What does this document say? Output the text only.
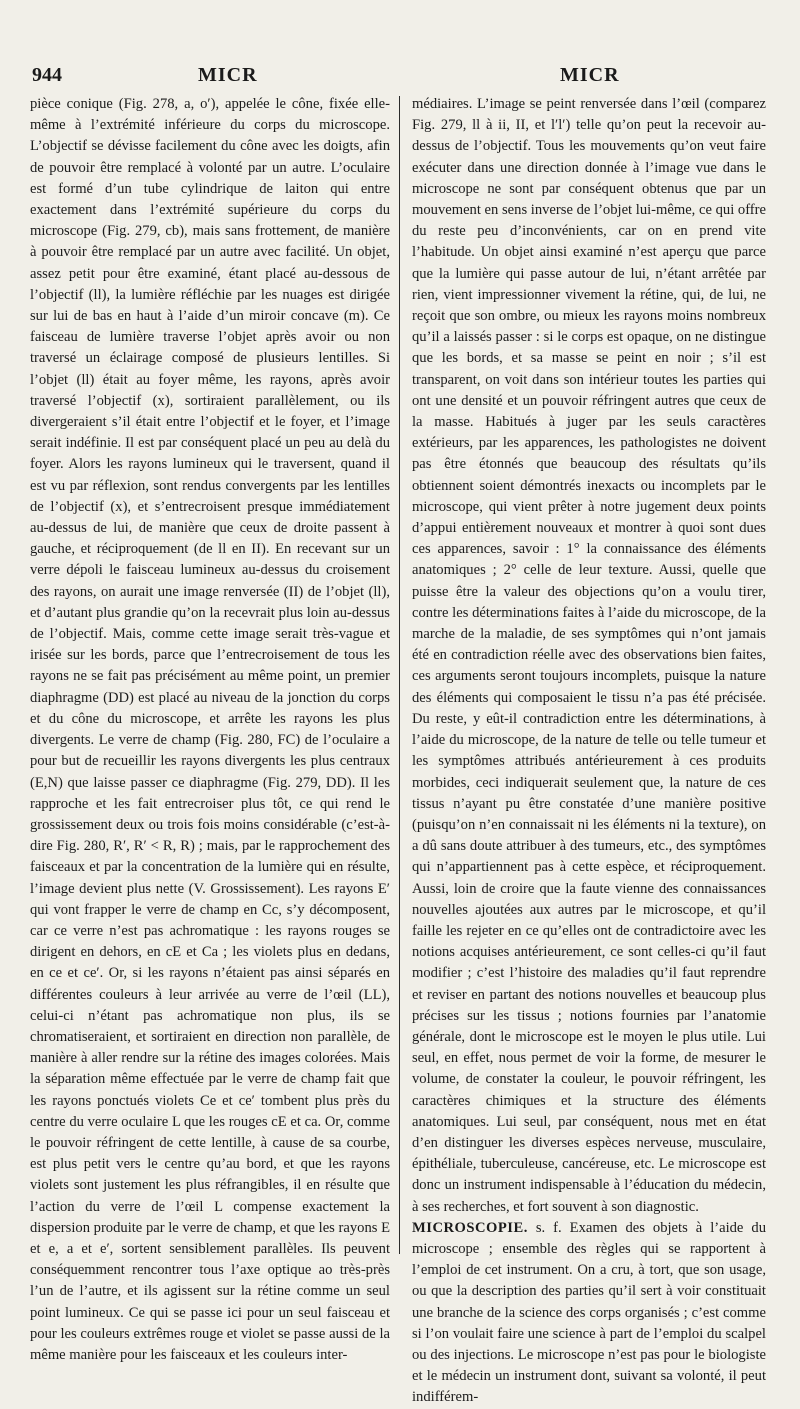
944	MICR	MICR

pièce conique (Fig. 278, a, o′), appelée le cône, fixée elle-même à l’extrémité inférieure du corps du microscope. L’objectif se dévisse facilement du cône avec les doigts, afin de pouvoir être remplacé à volonté par un autre. L’oculaire est formé d’un tube cylindrique de laiton qui entre exactement dans l’extrémité supérieure du corps du microscope (Fig. 279, cb), mais sans frottement, de manière à pouvoir être remplacé par un autre avec facilité. Un objet, assez petit pour être examiné, étant placé au-dessous de l’objectif (ll), la lumière réfléchie par les nuages est dirigée sur lui de bas en haut à l’aide d’un miroir concave (m). Ce faisceau de lumière traverse l’objet après avoir ou non traversé un éclairage composé de plusieurs lentilles. Si l’objet (ll) était au foyer même, les rayons, après avoir traversé l’objectif (x), sortiraient parallèlement, ou ils divergeraient s’il était entre l’objectif et le foyer, et l’image serait indéfinie. Il est par conséquent placé un peu au delà du foyer. Alors les rayons lumineux qui le traversent, quand il est vu par réflexion, sont rendus convergents par les lentilles de l’objectif (x), et s’entrecroisent presque immédiatement au-dessus de lui, de manière que ceux de droite passent à gauche, et réciproquement (de ll en II). En recevant sur un verre dépoli le faisceau lumineux au-dessus du croisement des rayons, on aurait une image renversée (II) de l’objet (ll), et d’autant plus grandie qu’on la recevrait plus loin au-dessus de l’objectif. Mais, comme cette image serait très-vague et irisée sur les bords, parce que l’entrecroisement de tous les rayons ne se fait pas précisément au même point, un premier diaphragme (DD) est placé au niveau de la jonction du corps et du cône du microscope, et arrête les rayons les plus divergents. Le verre de champ (Fig. 280, FC) de l’oculaire a pour but de recueillir les rayons divergents les plus centraux (E,N) que laisse passer ce diaphragme (Fig. 279, DD). Il les rapproche et les fait entrecroiser plus tôt, ce qui rend le grossissement deux ou trois fois moins considérable (c’est-à-dire Fig. 280, R′, R′ < R, R) ; mais, par le rapprochement des faisceaux et par la concentration de la lumière qui en résulte, l’image devient plus nette (V. Grossissement). Les rayons E′ qui vont frapper le verre de champ en Cc, s’y décomposent, car ce verre n’est pas achromatique : les rayons rouges se dirigent en dehors, en cE et Ca ; les violets plus en dedans, en ce et ce′. Or, si les rayons n’étaient pas ainsi séparés en différentes couleurs à leur arrivée au verre de l’œil (LL), celui-ci n’étant pas achromatique non plus, ils se chromatiseraient, et sortiraient en direction non parallèle, de manière à aller rendre sur la rétine des images colorées. Mais la séparation même effectuée par le verre de champ fait que les rayons ponctués violets Ce et ce′ tombent plus près du centre du verre oculaire L que les rouges cE et ca. Or, comme le pouvoir réfringent de cette lentille, à cause de sa courbe, est plus petit vers le centre qu’au bord, et que les rayons violets sont justement les plus réfrangibles, il en résulte que l’action du verre de l’œil L compense exactement la dispersion produite par le verre de champ, et que les rayons E et e, a et e′, sortent sensiblement parallèles. Ils peuvent conséquemment rencontrer tous l’axe optique ao très-près l’un de l’autre, et ils agissent sur la rétine comme un seul point lumineux. Ce qui se passe ici pour un seul faisceau et pour les couleurs extrêmes rouge et violet se passe aussi de la même manière pour les faisceaux et les couleurs inter-

médiaires. L’image se peint renversée dans l’œil (comparez Fig. 279, ll à ii, II, et l′l′) telle qu’on peut la recevoir au-dessus de l’objectif. Tous les mouvements qu’on veut faire exécuter dans une direction donnée à l’image vue dans le microscope ne sont par conséquent obtenus que par un mouvement en sens inverse de l’objet lui-même, ce qui offre du reste peu d’inconvénients, car on en prend vite l’habitude. Un objet ainsi examiné n’est aperçu que parce que la lumière qui passe autour de lui, n’étant arrêtée par rien, vient impressionner vivement la rétine, qui, de lui, ne reçoit que son ombre, ou mieux les rayons moins nombreux qu’il a laissés passer : si le corps est opaque, on ne distingue que les bords, et sa masse se peint en noir ; s’il est transparent, on voit dans son intérieur toutes les parties qui ont une densité et un pouvoir réfringent autres que ceux de la masse. Habitués à juger par les seuls caractères extérieurs, par les apparences, les pathologistes ne doivent pas être étonnés que beaucoup des résultats qu’ils obtiennent soient démontrés inexacts ou incomplets par le microscope, qui vient prêter à notre jugement deux points d’appui entièrement nouveaux et montrer à quoi sont dues ces apparences, savoir : 1° la connaissance des éléments anatomiques ; 2° celle de leur texture. Aussi, quelle que puisse être la valeur des objections qu’on a voulu tirer, contre les déterminations faites à l’aide du microscope, de la marche de la maladie, de ses symptômes qui n’ont jamais été en contradiction réelle avec des observations bien faites, ces arguments seront toujours incomplets, puisque la nature des éléments qui composaient le tissu n’a pas été précisée. Du reste, y eût-il contradiction entre les déterminations, à l’aide du microscope, de la nature de telle ou telle tumeur et les symptômes attribués antérieurement à ces produits morbides, ceci indiquerait seulement que, la nature de ces tissus n’ayant pu être constatée d’une manière positive (puisqu’on n’en connaissait ni les éléments ni la texture), on a dû sans doute attribuer à des tumeurs, etc., des symptômes qui n’appartiennent pas à cette espèce, et réciproquement. Aussi, loin de croire que la faute vienne des connaissances nouvelles ajoutées aux autres par le microscope, et qu’il faille les rejeter en ce qu’elles ont de contradictoire avec les notions acquises antérieurement, ce sont celles-ci qu’il faut modifier ; c’est l’histoire des maladies qu’il faut reprendre et reviser en partant des notions nouvelles et beaucoup plus précises sur les tissus ; notions fournies par l’anatomie générale, dont le microscope est le moyen le plus utile. Lui seul, en effet, nous permet de voir la forme, de mesurer le volume, de constater la couleur, le pouvoir réfringent, les caractères chimiques et la structure des éléments anatomiques. Lui seul, par conséquent, nous met en état d’en distinguer les diverses espèces nerveuse, musculaire, épithéliale, tuberculeuse, cancéreuse, etc. Le microscope est donc un instrument indispensable à l’éducation du médecin, à ses recherches, et fort souvent à son diagnostic.

MICROSCOPIE. s. f. Examen des objets à l’aide du microscope ; ensemble des règles qui se rapportent à l’emploi de cet instrument. On a cru, à tort, que son usage, ou que la description des parties qu’il sert à voir constituait une branche de la science des corps organisés ; c’est comme si l’on voulait faire une science à part de l’emploi du scalpel ou des injections. Le microscope n’est pas pour le biologiste et le médecin un instrument dont, suivant sa volonté, il peut indifférem-
